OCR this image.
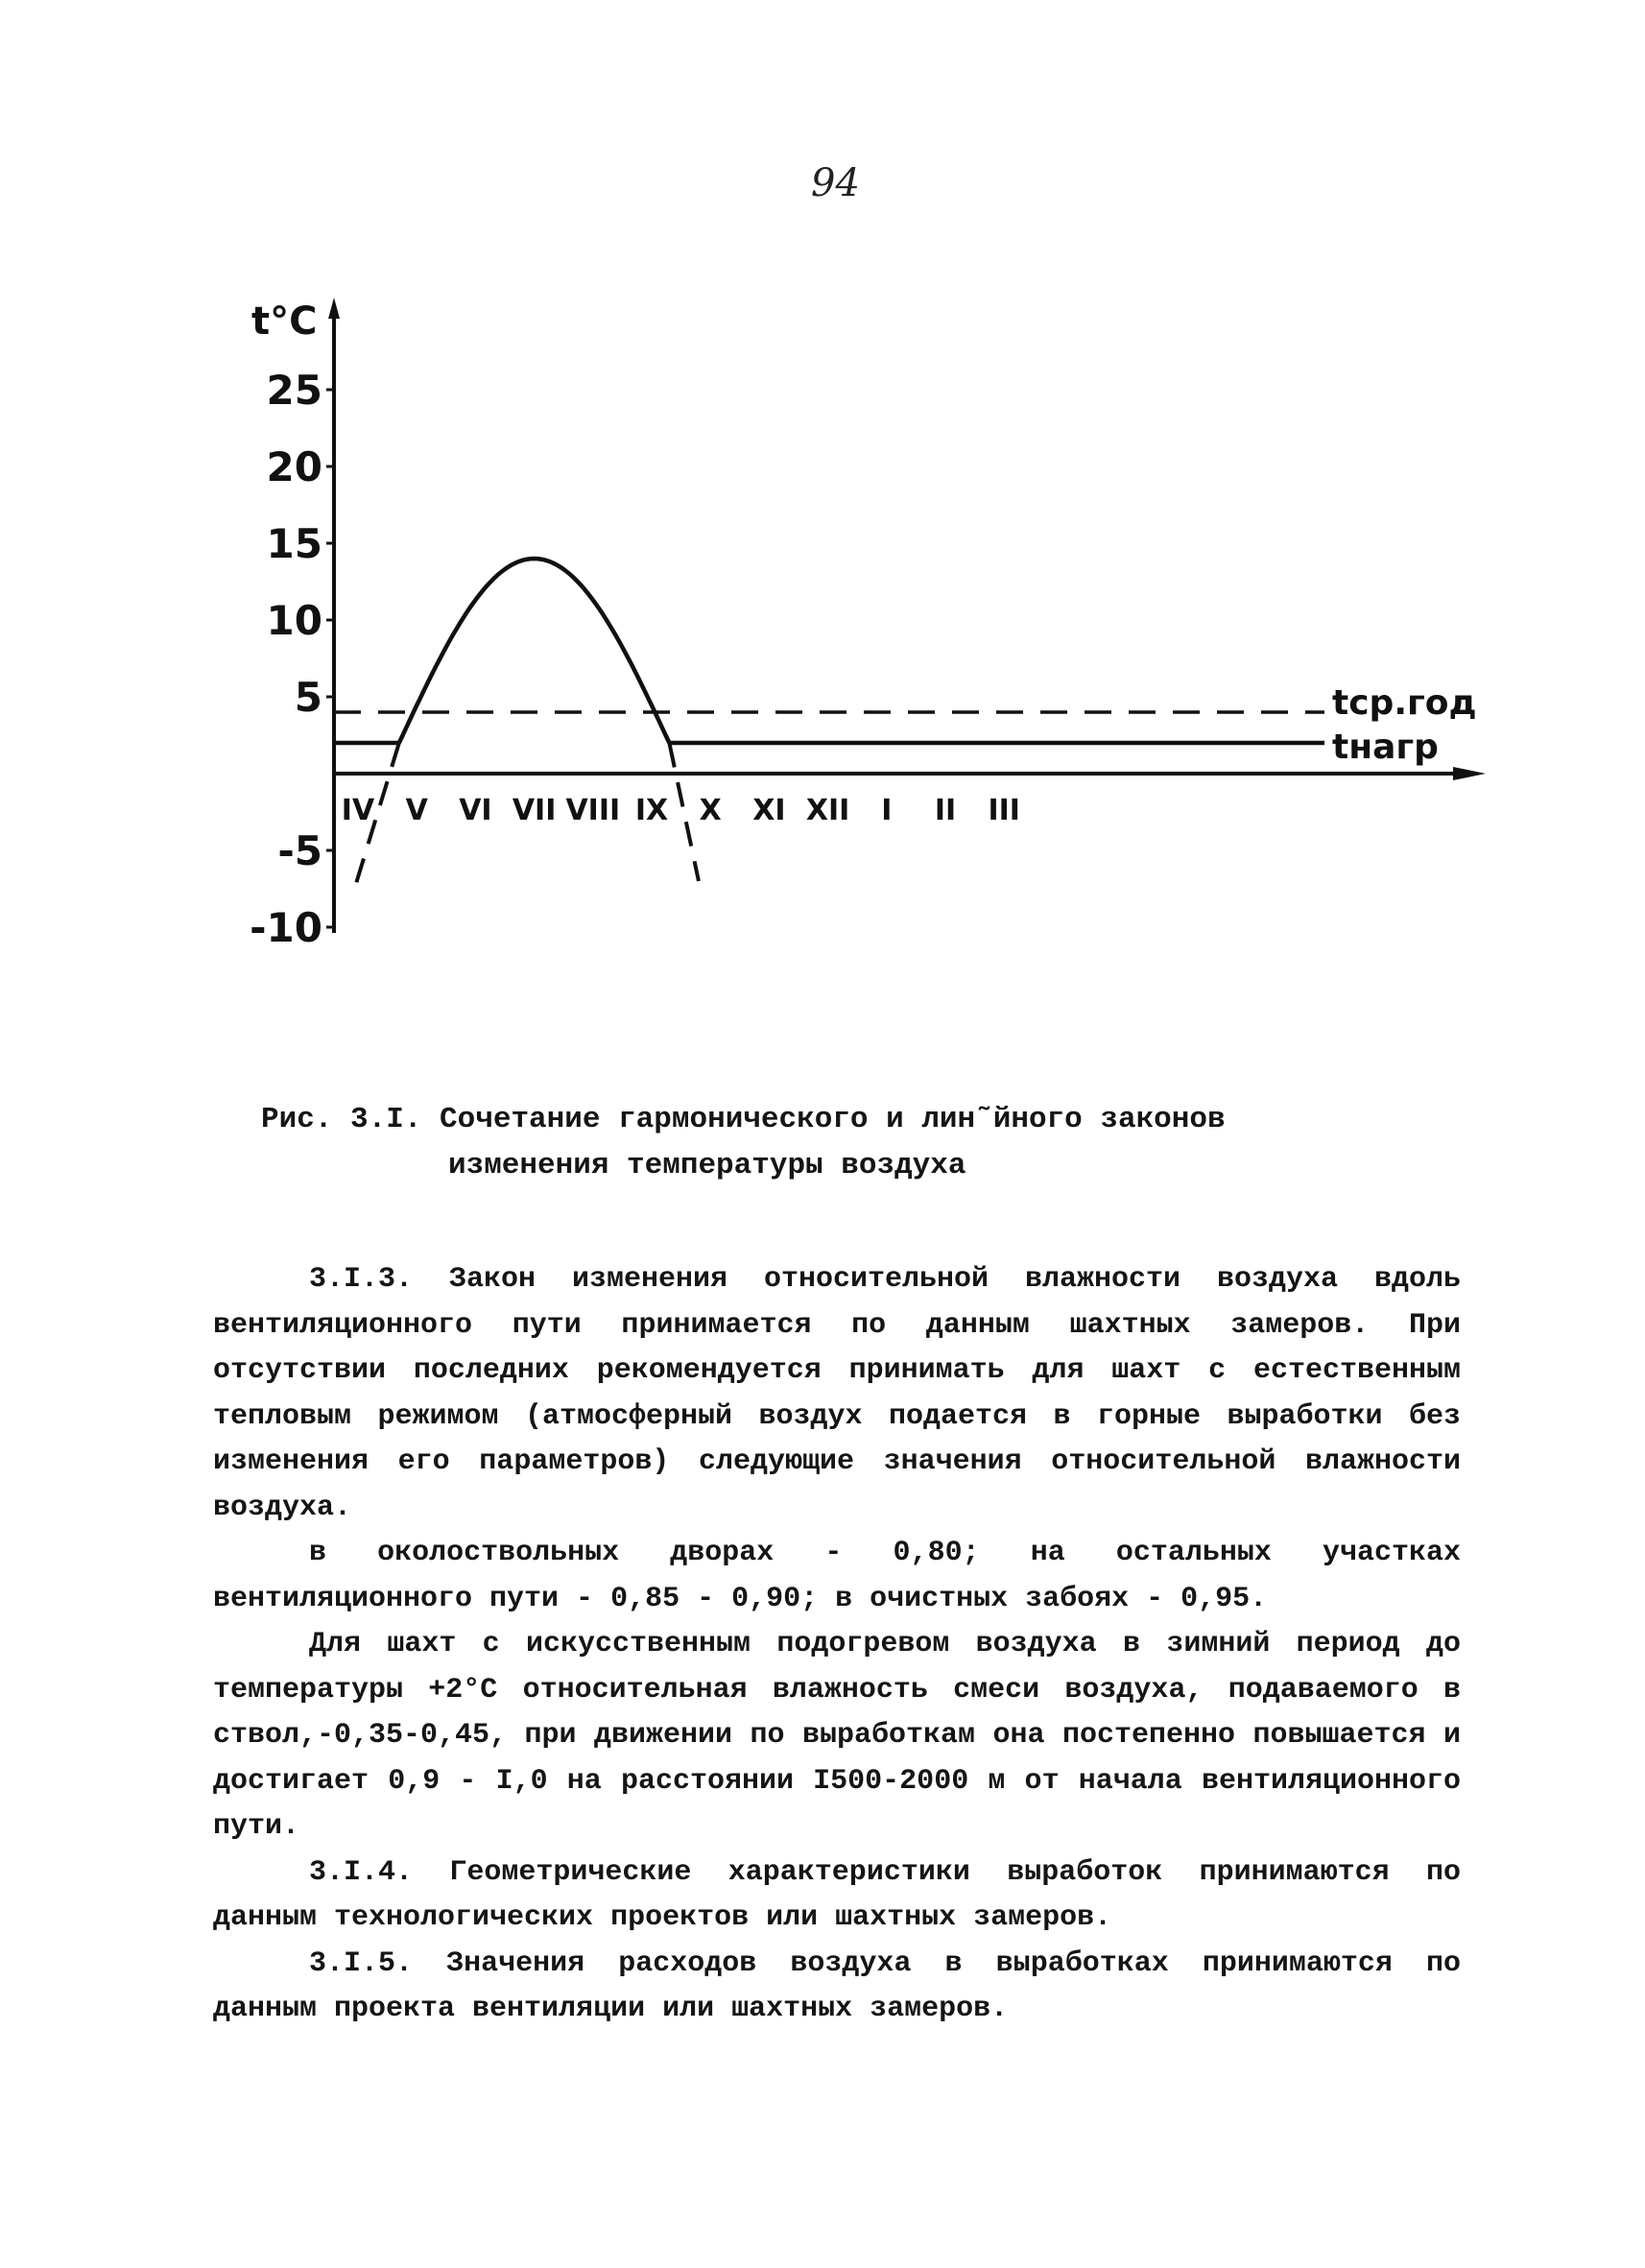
94
25
20
15
10
5
-5
-10
IV V VI VII VIII IX X XI XII I II III
t°C
tср.год
tнагр
Рис. 3.I. Сочетание гармонического и лин˜йного законов
изменения температуры воздуха

3.I.3. Закон изменения относительной влажности воздуха вдоль вентиляционного пути принимается по данным шахтных замеров. При отсутствии последних рекомендуется принимать для шахт с естественным тепловым режимом (атмосферный воздух подается в горные выработки без изменения его параметров) следующие значения относительной влажности воздуха.

в околоствольных дворах - 0,80; на остальных участках вентиляционного пути - 0,85 - 0,90; в очистных забоях - 0,95.

Для шахт с искусственным подогревом воздуха в зимний период до температуры +2°С относительная влажность смеси воздуха, подаваемого в ствол,-0,35-0,45, при движении по выработкам она постепенно повышается и достигает 0,9 - I,0 на расстоянии I500-2000 м от начала вентиляционного пути.

3.I.4. Геометрические характеристики выработок принимаются по данным технологических проектов или шахтных замеров.

3.I.5. Значения расходов воздуха в выработках принимаются по данным проекта вентиляции или шахтных замеров.
